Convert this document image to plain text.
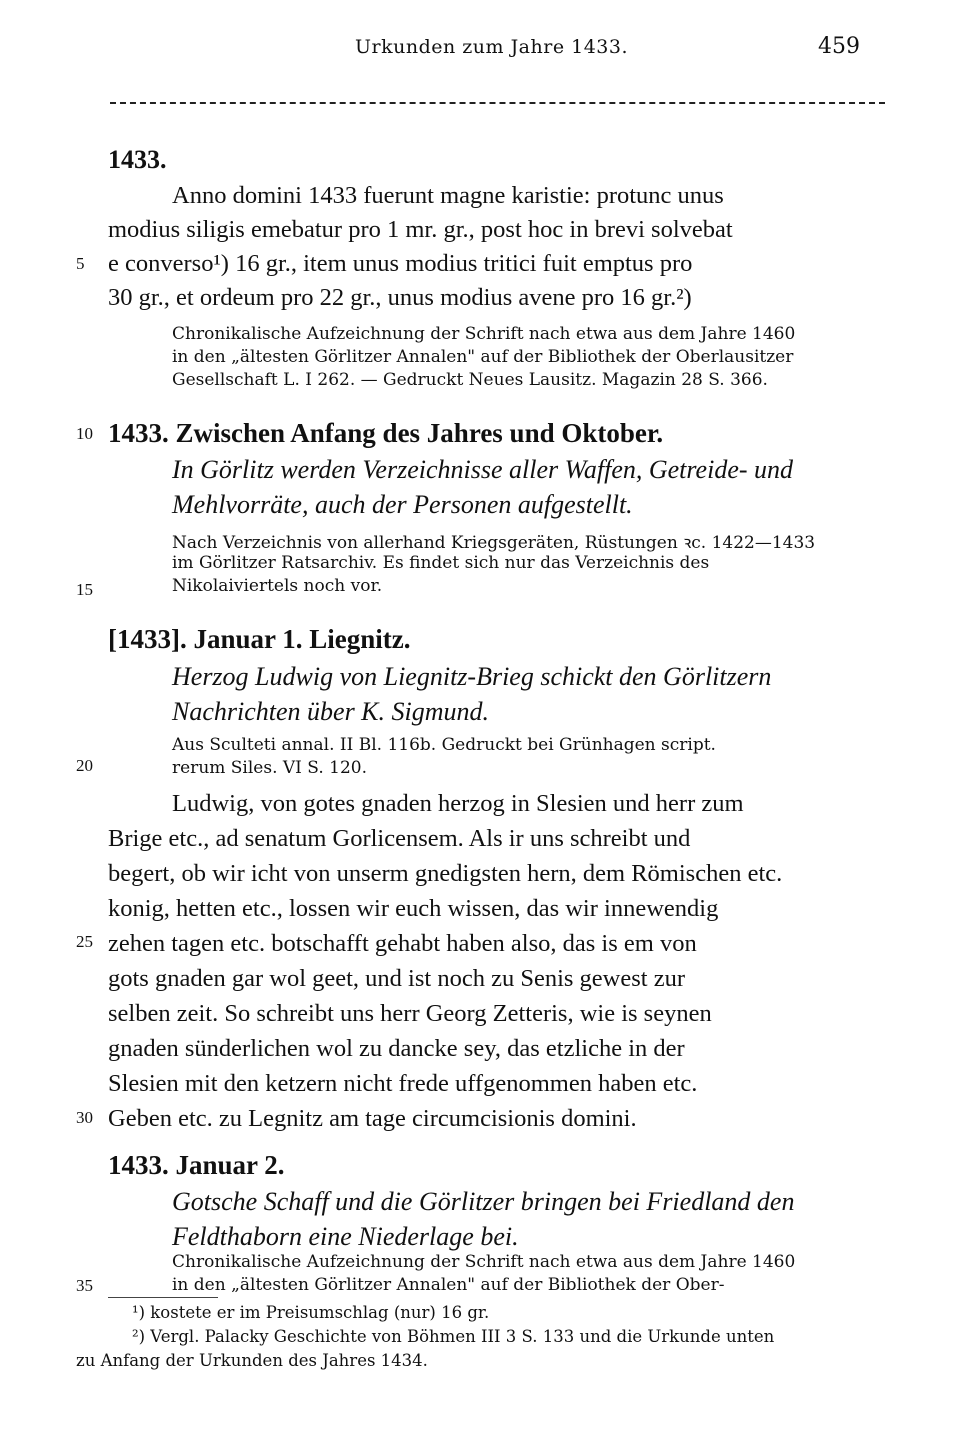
Urkunden zum Jahre 1433.	459
1433.
Anno domini 1433 fuerunt magne karistie: protunc unus
modius siligis emebatur pro 1 mr. gr., post hoc in brevi solvebat
e converso¹) 16 gr., item unus modius tritici fuit emptus pro
30 gr., et ordeum pro 22 gr., unus modius avene pro 16 gr.²)
Chronikalische Aufzeichnung der Schrift nach etwa aus dem Jahre 1460
in den „ältesten Görlitzer Annalen" auf der Bibliothek der Oberlausitzer
Gesellschaft L. I 262. — Gedruckt Neues Lausitz. Magazin 28 S. 366.
1433. Zwischen Anfang des Jahres und Oktober.
In Görlitz werden Verzeichnisse aller Waffen, Getreide- und
Mehlvorräte, auch der Personen aufgestellt.
Nach Verzeichnis von allerhand Kriegsgeräten, Rüstungen ꝛc. 1422—1433
im Görlitzer Ratsarchiv. Es findet sich nur das Verzeichnis des
Nikolaiviertels noch vor.
[1433]. Januar 1. Liegnitz.
Herzog Ludwig von Liegnitz-Brieg schickt den Görlitzern
Nachrichten über K. Sigmund.
Aus Sculteti annal. II Bl. 116b. Gedruckt bei Grünhagen script.
rerum Siles. VI S. 120.
Ludwig, von gotes gnaden herzog in Slesien und herr zum
Brige etc., ad senatum Gorlicensem. Als ir uns schreibt und
begert, ob wir icht von unserm gnedigsten hern, dem Römischen etc.
konig, hetten etc., lossen wir euch wissen, das wir innewendig
zehen tagen etc. botschafft gehabt haben also, das is em von
gots gnaden gar wol geet, und ist noch zu Senis gewest zur
selben zeit. So schreibt uns herr Georg Zetteris, wie is seynen
gnaden sünderlichen wol zu dancke sey, das etzliche in der
Slesien mit den ketzern nicht frede uffgenommen haben etc.
Geben etc. zu Legnitz am tage circumcisionis domini.
1433. Januar 2.
Gotsche Schaff und die Görlitzer bringen bei Friedland den
Feldthaborn eine Niederlage bei.
Chronikalische Aufzeichnung der Schrift nach etwa aus dem Jahre 1460
in den „ältesten Görlitzer Annalen" auf der Bibliothek der Ober-
¹) kostete er im Preisumschlag (nur) 16 gr.
²) Vergl. Palacky Geschichte von Böhmen III 3 S. 133 und die Urkunde unten
zu Anfang der Urkunden des Jahres 1434.
5
10
15
20
25
30
35
